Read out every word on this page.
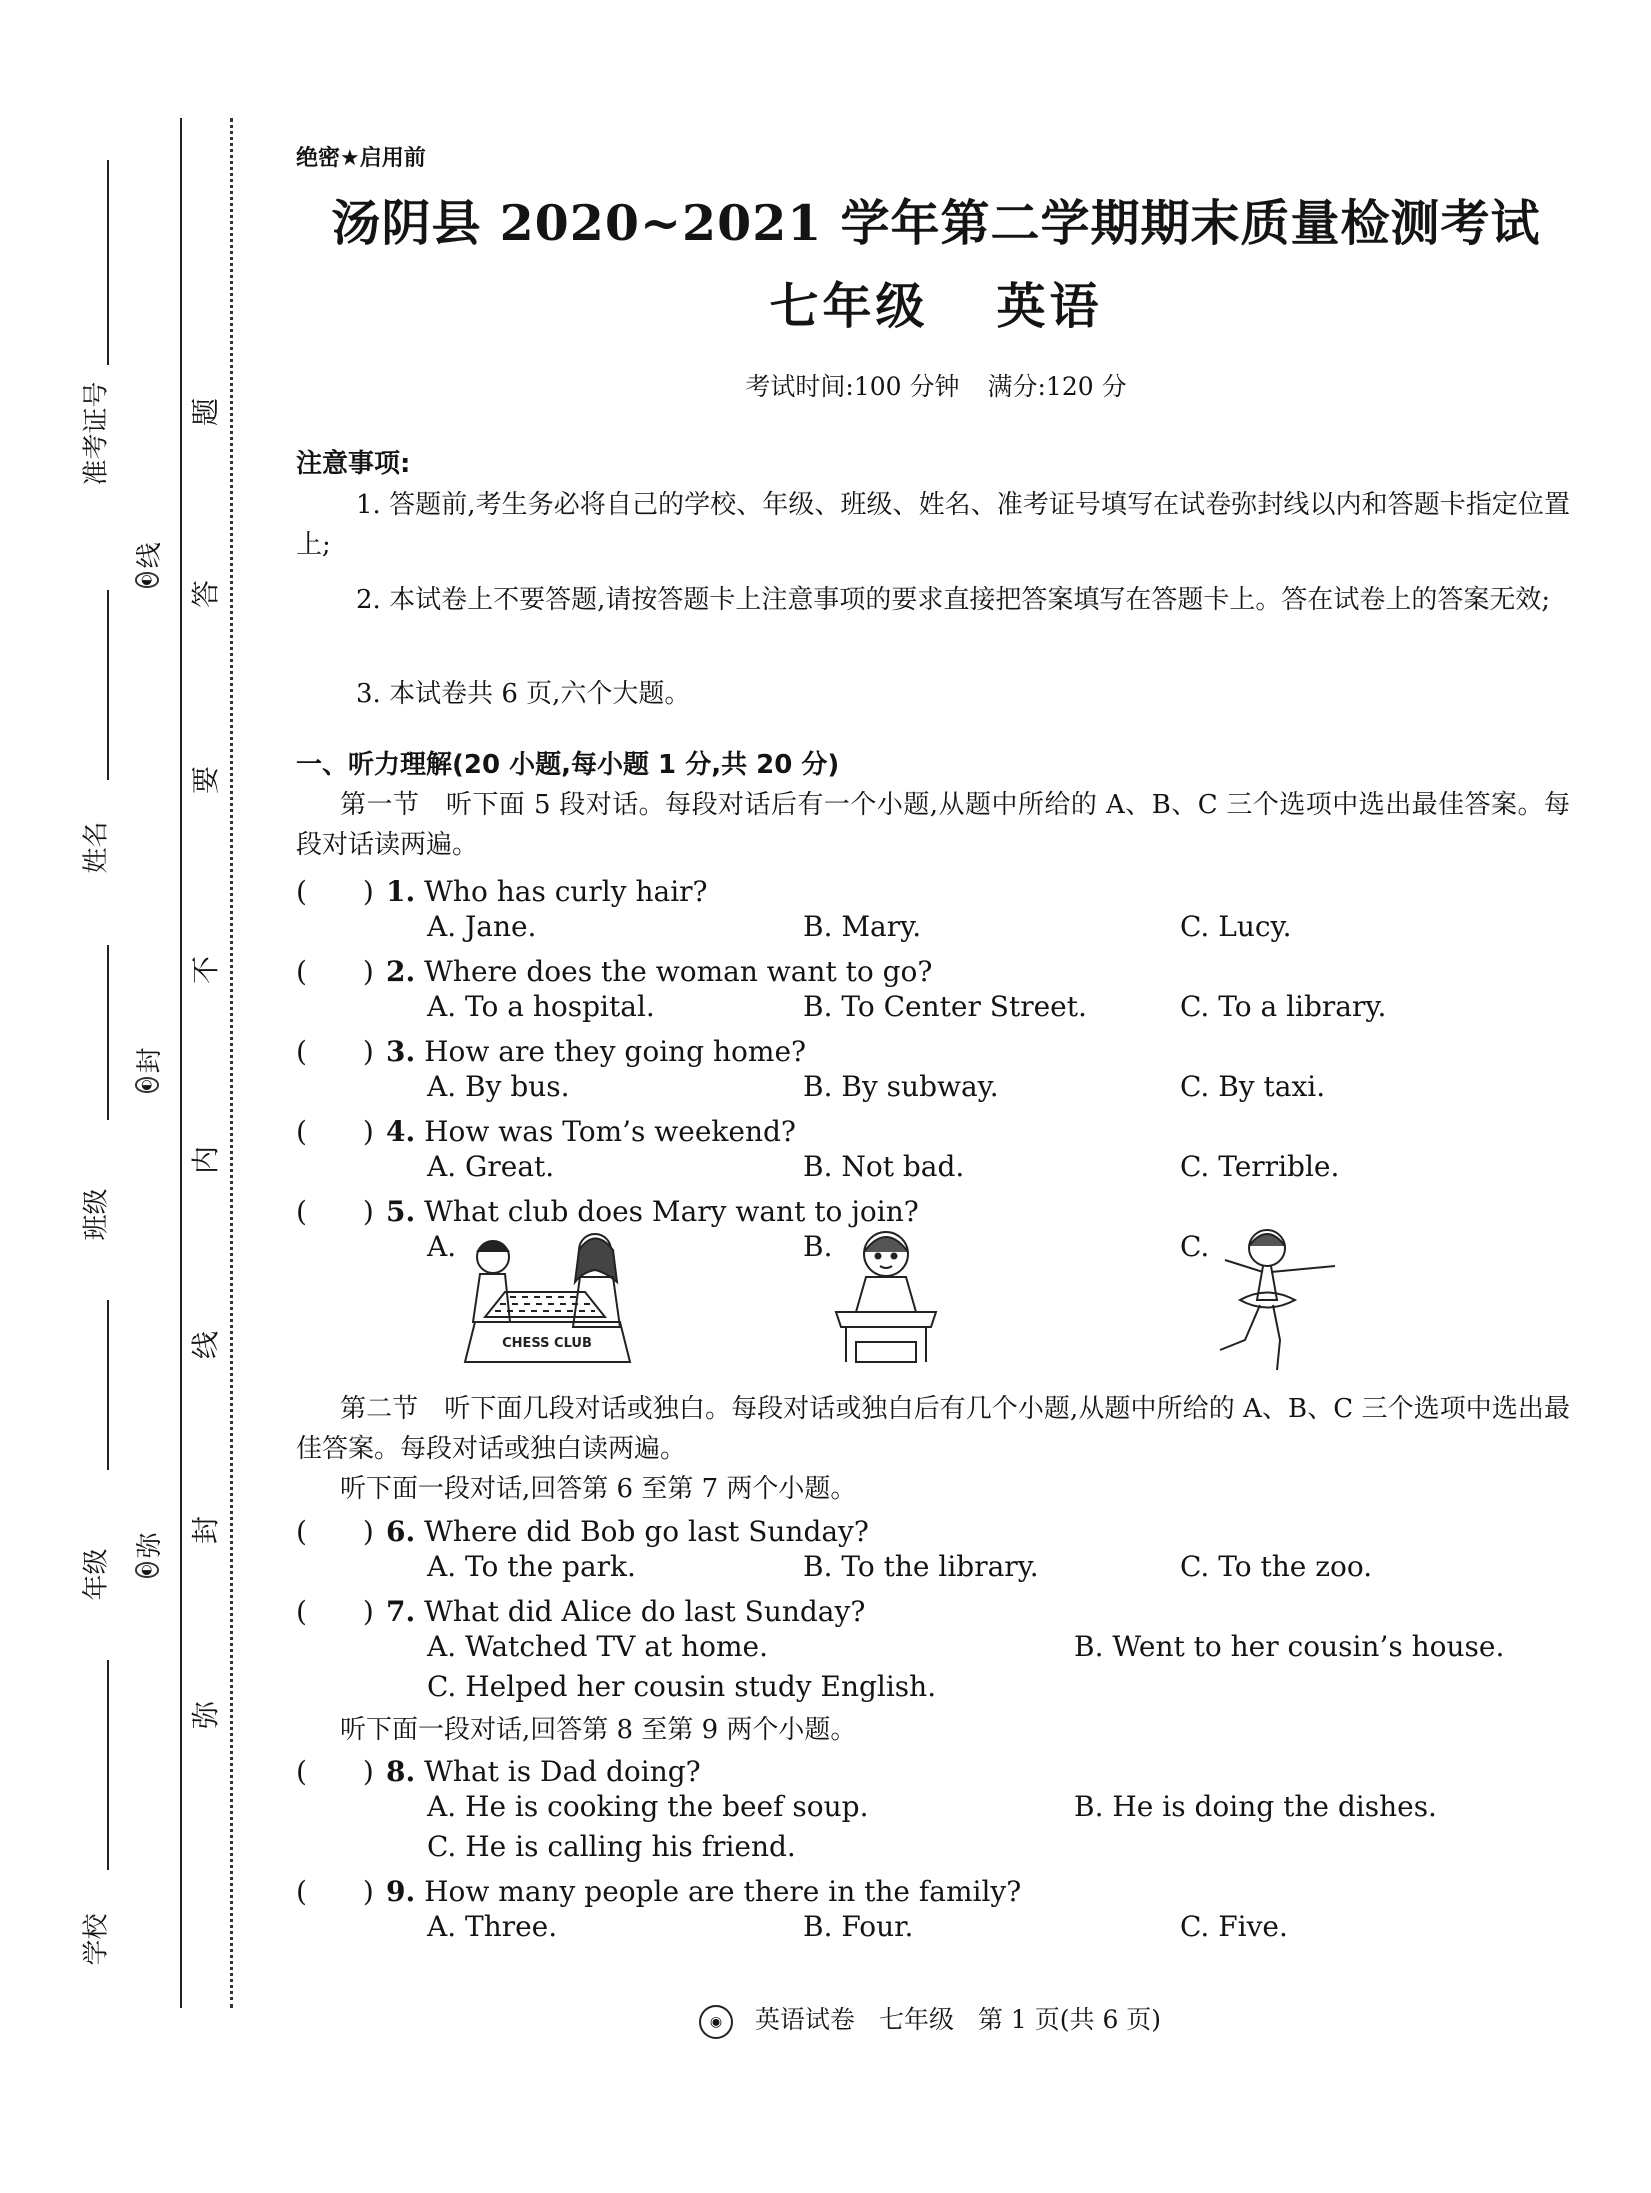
准考证号
姓名
班级
年级
学校
◐
线
◐
封
◐
弥
题
答
要
不
内
线
封
弥
绝密★启用前
汤阴县 2020~2021 学年第二学期期末质量检测考试
七年级 英语
考试时间:100 分钟 满分:120 分
注意事项:
1. 答题前,考生务必将自己的学校、年级、班级、姓名、准考证号填写在试卷弥封线以内和答题卡指定位置上;
2. 本试卷上不要答题,请按答题卡上注意事项的要求直接把答案填写在答题卡上。答在试卷上的答案无效;
3. 本试卷共 6 页,六个大题。
一、听力理解(20 小题,每小题 1 分,共 20 分)
第一节　听下面 5 段对话。每段对话后有一个小题,从题中所给的 A、B、C 三个选项中选出最佳答案。每段对话读两遍。
(　　) 1. Who has curly hair?
A. Jane.	B. Mary.	C. Lucy.
(　　) 2. Where does the woman want to go?
A. To a hospital.	B. To Center Street.	C. To a library.
(　　) 3. How are they going home?
A. By bus.	B. By subway.	C. By taxi.
(　　) 4. How was Tom’s weekend?
A. Great.	B. Not bad.	C. Terrible.
(　　) 5. What club does Mary want to join?
A.	B.	C.
CHESS CLUB
第二节　听下面几段对话或独白。每段对话或独白后有几个小题,从题中所给的 A、B、C 三个选项中选出最佳答案。每段对话或独白读两遍。
听下面一段对话,回答第 6 至第 7 两个小题。
(　　) 6. Where did Bob go last Sunday?
A. To the park.	B. To the library.	C. To the zoo.
(　　) 7. What did Alice do last Sunday?
A. Watched TV at home.	B. Went to her cousin’s house.
C. Helped her cousin study English.
听下面一段对话,回答第 8 至第 9 两个小题。
(　　) 8. What is Dad doing?
A. He is cooking the beef soup.	B. He is doing the dishes.
C. He is calling his friend.
(　　) 9. How many people are there in the family?
A. Three.	B. Four.	C. Five.
◉ 英语试卷 七年级 第 1 页(共 6 页)
